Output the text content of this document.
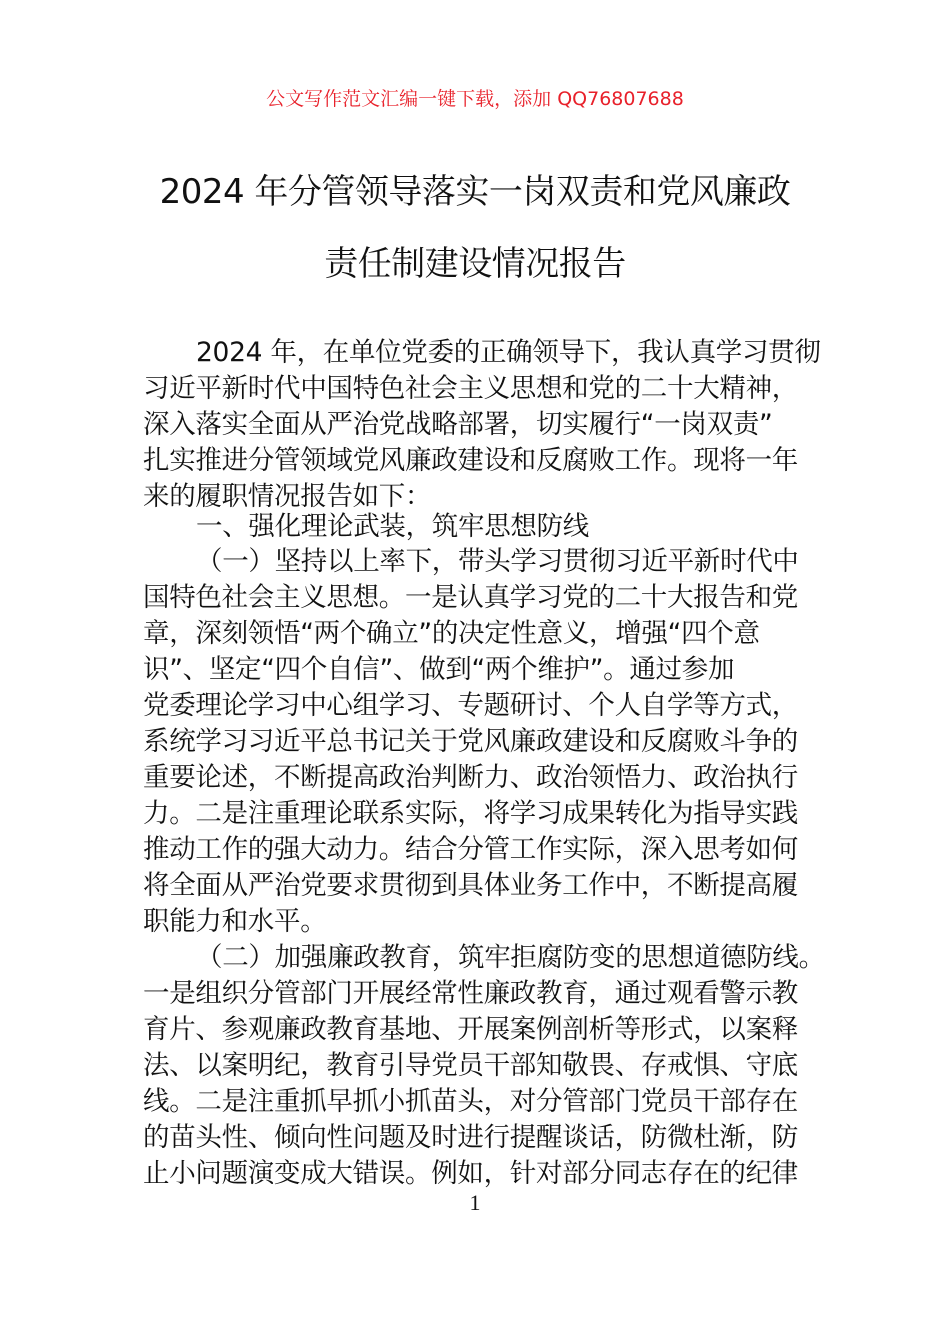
公文写作范文汇编一键下载，添加 QQ76807688
2024 年分管领导落实一岗双责和党风廉政
责任制建设情况报告
2024 年，在单位党委的正确领导下，我认真学习贯彻
习近平新时代中国特色社会主义思想和党的二十大精神，
深入落实全面从严治党战略部署，切实履行“一岗双责”
扎实推进分管领域党风廉政建设和反腐败工作。现将一年
来的履职情况报告如下：
一、强化理论武装，筑牢思想防线
（一）坚持以上率下，带头学习贯彻习近平新时代中
国特色社会主义思想。一是认真学习党的二十大报告和党
章，深刻领悟“两个确立”的决定性意义，增强“四个意
识”、坚定“四个自信”、做到“两个维护”。通过参加
党委理论学习中心组学习、专题研讨、个人自学等方式，
系统学习习近平总书记关于党风廉政建设和反腐败斗争的
重要论述，不断提高政治判断力、政治领悟力、政治执行
力。二是注重理论联系实际，将学习成果转化为指导实践
推动工作的强大动力。结合分管工作实际，深入思考如何
将全面从严治党要求贯彻到具体业务工作中，不断提高履
职能力和水平。
（二）加强廉政教育，筑牢拒腐防变的思想道德防线。
一是组织分管部门开展经常性廉政教育，通过观看警示教
育片、参观廉政教育基地、开展案例剖析等形式，以案释
法、以案明纪，教育引导党员干部知敬畏、存戒惧、守底
线。二是注重抓早抓小抓苗头，对分管部门党员干部存在
的苗头性、倾向性问题及时进行提醒谈话，防微杜渐，防
止小问题演变成大错误。例如，针对部分同志存在的纪律
1
